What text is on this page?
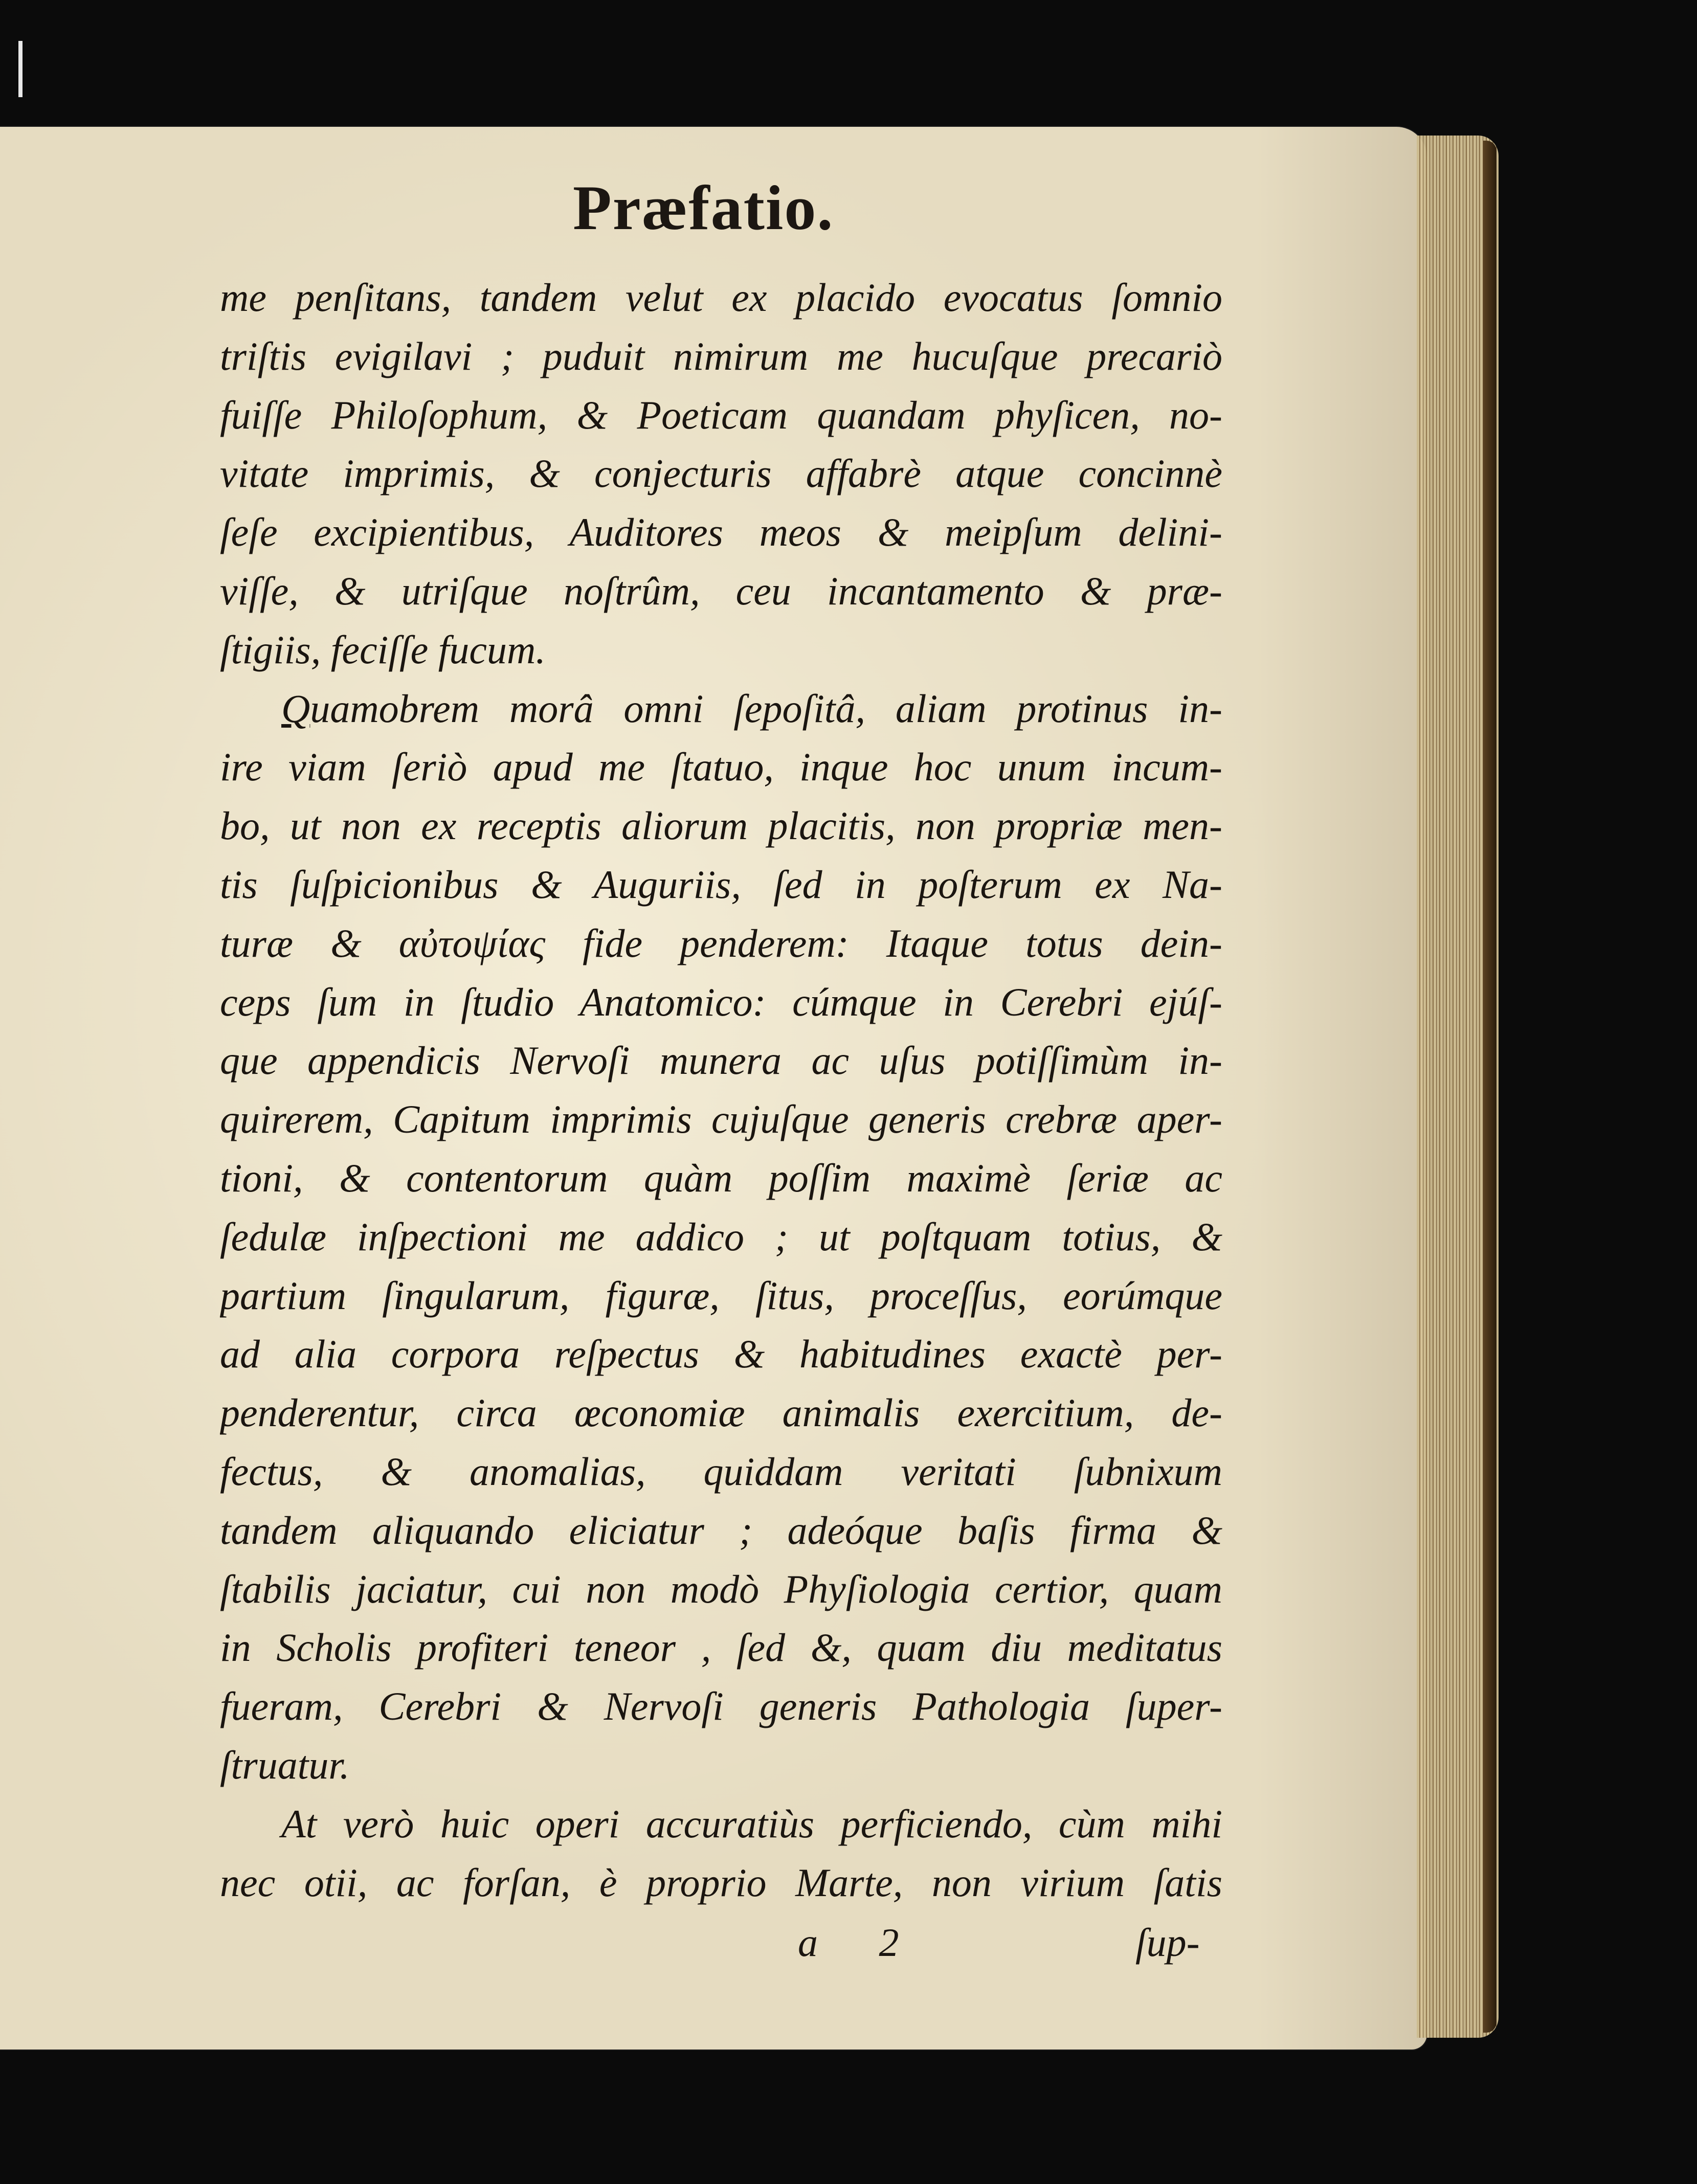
Præfatio.
me penſitans, tandem velut ex placido evocatus ſomnio
triſtis evigilavi ; puduit nimirum me hucuſque precariò
fuiſſe Philoſophum, & Poeticam quandam phyſicen, no-
vitate imprimis, & conjecturis affabrè atque concinnè
ſeſe excipientibus, Auditores meos & meipſum delini-
viſſe, & utriſque noſtrûm, ceu incantamento & præ-
ſtigiis, feciſſe fucum.
Quamobrem morâ omni ſepoſitâ, aliam protinus in-
ire viam ſeriò apud me ſtatuo, inque hoc unum incum-
bo, ut non ex receptis aliorum placitis, non propriæ men-
tis ſuſpicionibus & Auguriis, ſed in poſterum ex Na-
turæ & αὐτοψίας fide penderem: Itaque totus dein-
ceps ſum in ſtudio Anatomico: cúmque in Cerebri ejúſ-
que appendicis Nervoſi munera ac uſus potiſſimùm in-
quirerem, Capitum imprimis cujuſque generis crebræ aper-
tioni, & contentorum quàm poſſim maximè ſeriæ ac
ſedulæ inſpectioni me addico ; ut poſtquam totius, &
partium ſingularum, figuræ, ſitus, proceſſus, eorúmque
ad alia corpora reſpectus & habitudines exactè per-
penderentur, circa œconomiæ animalis exercitium, de-
fectus, & anomalias, quiddam veritati ſubnixum
tandem aliquando eliciatur ; adeóque baſis firma &
ſtabilis jaciatur, cui non modò Phyſiologia certior, quam
in Scholis profiteri teneor , ſed &, quam diu meditatus
fueram, Cerebri & Nervoſi generis Pathologia ſuper-
ſtruatur.
At verò huic operi accuratiùs perficiendo, cùm mihi
nec otii, ac forſan, è proprio Marte, non virium ſatis
a 2	ſup-
